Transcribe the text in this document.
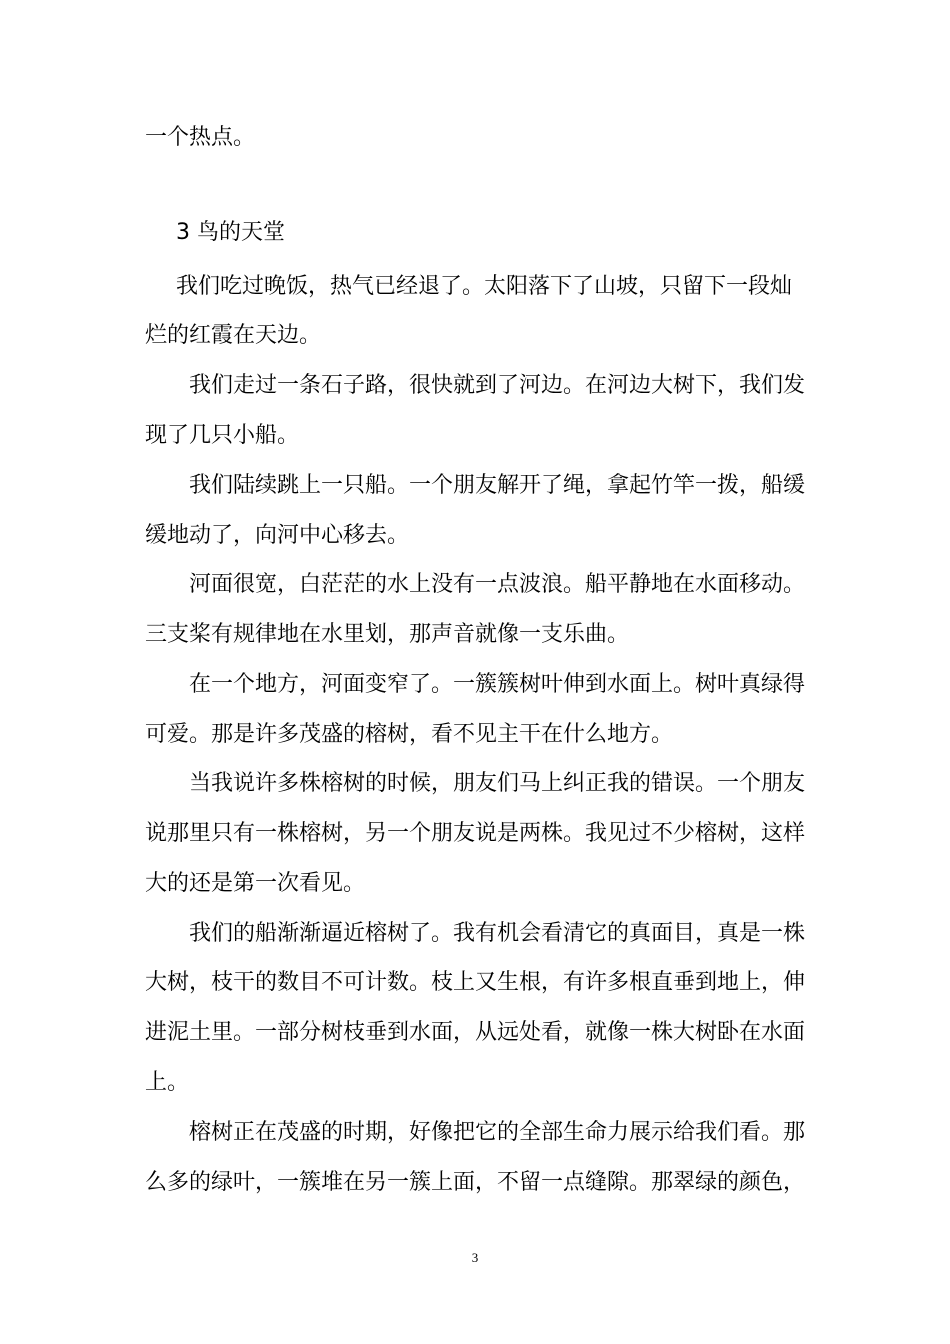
一个热点。
3 鸟的天堂
我们吃过晚饭，热气已经退了。太阳落下了山坡，只留下一段灿
烂的红霞在天边。
我们走过一条石子路，很快就到了河边。在河边大树下，我们发
现了几只小船。
我们陆续跳上一只船。一个朋友解开了绳，拿起竹竿一拨，船缓
缓地动了，向河中心移去。
河面很宽，白茫茫的水上没有一点波浪。船平静地在水面移动。
三支桨有规律地在水里划，那声音就像一支乐曲。
在一个地方，河面变窄了。一簇簇树叶伸到水面上。树叶真绿得
可爱。那是许多茂盛的榕树，看不见主干在什么地方。
当我说许多株榕树的时候，朋友们马上纠正我的错误。一个朋友
说那里只有一株榕树，另一个朋友说是两株。我见过不少榕树，这样
大的还是第一次看见。
我们的船渐渐逼近榕树了。我有机会看清它的真面目，真是一株
大树，枝干的数目不可计数。枝上又生根，有许多根直垂到地上，伸
进泥土里。一部分树枝垂到水面，从远处看，就像一株大树卧在水面
上。
榕树正在茂盛的时期，好像把它的全部生命力展示给我们看。那
么多的绿叶，一簇堆在另一簇上面，不留一点缝隙。那翠绿的颜色，
3
